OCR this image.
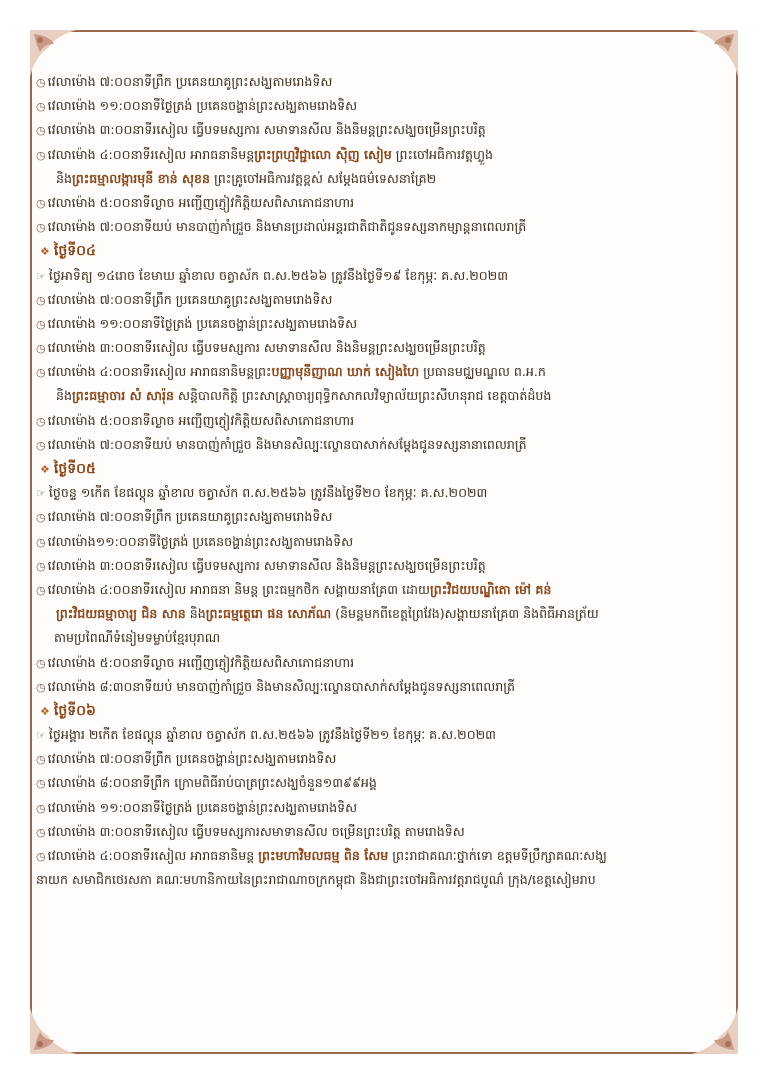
◷ វេលាម៉ោង ៧:០០នាទីព្រឹក ប្រគេនយាគូព្រះសង្ឃតាមរោងទិស
◷ វេលាម៉ោង ១១:០០នាទីថ្ងៃត្រង់ ប្រគេនចង្ហាន់ព្រះសង្ឃតាមរោងទិស
◷ វេលាម៉ោង ៣:០០នាទីរសៀល ធ្វើបទមស្សការ សមាទានសីល និងនិមន្តព្រះសង្ឃចម្រើនព្រះបរិត្ត
◷ វេលាម៉ោង ៤:០០នាទីរសៀល អារាធនានិមន្តព្រះព្រហ្មវិជ្ជាលោ សុិញ សៀម ព្រះចៅអធិការវត្តហ្លួង
និងព្រះធម្មាលង្ការមុនី ខាន់ សុខន ព្រះគ្រូចៅអធិការវត្តខ្ពស់ សម្ដែងធម៌ទេសនាគ្រែ២
◷ វេលាម៉ោង ៥:០០នាទីល្ងាច អញ្ជើញភ្ញៀវកិត្តិយសពិសាភោជនាហារ
◷ វេលាម៉ោង ៧:០០នាទីយប់ មានបាញ់កាំជ្រួច និងមានប្រដាល់អន្តរជាតិជាតិជូនទស្សនាកម្សាន្តនាពេលរាត្រី
❖ ថ្ងៃទី០៤
☞ ថ្ងៃអាទិត្យ ១៤រោច ខែមាឃ ឆ្នាំខាល ចត្វាស័ក ព.ស.២៥៦៦ ត្រូវនឹងថ្ងៃទី១៩ ខែកុម្ភៈ គ.ស.២០២៣
◷ វេលាម៉ោង ៧:០០នាទីព្រឹក ប្រគេនយាគូព្រះសង្ឃតាមរោងទិស
◷ វេលាម៉ោង ១១:០០នាទីថ្ងៃត្រង់ ប្រគេនចង្ហាន់ព្រះសង្ឃតាមរោងទិស
◷ វេលាម៉ោង ៣:០០នាទីរសៀល ធ្វើបទមស្សការ សមាទានសីល និងនិមន្តព្រះសង្ឃចម្រើនព្រះបរិត្ត
◷ វេលាម៉ោង ៤:០០នាទីរសៀល អារាធនានិមន្តព្រះបញ្ញាមុនីញាណ ឃាក់ សៀងហៃ ប្រធានមជ្ឈមណ្ឌល ព.អ.ក
និងព្រះធម្មាចារ សំ សារ៉ុន សន្តិបាលកិត្តិ ព្រះសាស្ត្រាចារ្យពុទ្ធិកសាកលវិទ្យាល័យព្រះសីហនុរាជ ខេត្តបាត់ដំបង
◷ វេលាម៉ោង ៥:០០នាទីល្ងាច អញ្ជើញភ្ញៀវកិត្តិយសពិសាភោជនាហារ
◷ វេលាម៉ោង ៧:០០នាទីយប់ មានបាញ់កាំជ្រួច និងមានសិល្បៈល្ខោនបាសាក់សម្ដែងជូនទស្សនានាពេលរាត្រី
❖ ថ្ងៃទី០៥
☞ ថ្ងៃចន្ទ ១កើត ខែផល្គុន ឆ្នាំខាល ចត្វាស័ក ព.ស.២៥៦៦ ត្រូវនឹងថ្ងៃទី២០ ខែកុម្ភៈ គ.ស.២០២៣
◷ វេលាម៉ោង ៧:០០នាទីព្រឹក ប្រគេនយាគូព្រះសង្ឃតាមរោងទិស
◷ វេលាម៉ោង១១:០០នាទីថ្ងៃត្រង់ ប្រគេនចង្ហាន់ព្រះសង្ឃតាមរោងទិស
◷ វេលាម៉ោង ៣:០០នាទីរសៀល ធ្វើបទមស្សការ សមាទានសីល និងនិមន្តព្រះសង្ឃចម្រើនព្រះបរិត្ត
◷ វេលាម៉ោង ៤:០០នាទីរសៀល អារាធនា និមន្ត ព្រះធម្មកថិក សង្គាយនាគ្រែ៣ ដោយព្រះវិជយបណ្ឌិតោ ម៉ៅ គន់
ព្រះវិជយធម្មាចារ្យ ជិន សាន និងព្រះធម្មត្ថេរោ ផន សោភ័ណ (និមន្តមកពីខេត្តព្រៃវែង)សង្គាយនាគ្រែ៣ និងពិធីអានត្រ័យ
តាមប្រពៃណីទំនៀមទម្លាប់ខ្មែរបុរាណ
◷ វេលាម៉ោង ៥:០០នាទីល្ងាច អញ្ជើញភ្ញៀវកិត្តិយសពិសាភោជនាហារ
◷ វេលាម៉ោង ៨:៣០នាទីយប់ មានបាញ់កាំជ្រួច និងមានសិល្បៈល្ខោនបាសាក់សម្ដែងជូនទស្សនាពេលរាត្រី
❖ ថ្ងៃទី០៦
☞ ថ្ងៃអង្គារ ២កើត ខែផល្គុន ឆ្នាំខាល ចត្វាស័ក ព.ស.២៥៦៦ ត្រូវនឹងថ្ងៃទី២១ ខែកុម្ភៈ គ.ស.២០២៣
◷ វេលាម៉ោង ៧:០០នាទីព្រឹក ប្រគេនចង្ហាន់ព្រះសង្ឃតាមរោងទិស
◷ វេលាម៉ោង ៨:០០នាទីព្រឹក ក្រោមពិធីរាប់បាត្រព្រះសង្ឃចំនួន១៣៩៩អង្គ
◷ វេលាម៉ោង ១១:០០នាទីថ្ងៃត្រង់ ប្រគេនចង្ហាន់ព្រះសង្ឃតាមរោងទិស
◷ វេលាម៉ោង ៣:០០នាទីរសៀល ធ្វើបទមស្សការសមាទានសីល ចម្រើនព្រះបរិត្ត តាមរោងទិស
◷ វេលាម៉ោង ៤:០០នាទីរសៀល អារាធនានិមន្ត ព្រះមហាវិមលធម្ម ពិន សែម ព្រះរាជាគណៈថ្នាក់ទោ ឧត្ដមទីប្រឹក្សាគណៈសង្ឃ
នាយក សមាជិកថេរសភា គណៈមហានិកាយនៃព្រះរាជាណាចក្រកម្ពុជា និងជាព្រះចៅអធិការវត្តរាជបូណ៌ ក្រុង/ខេត្តសៀមរាប
